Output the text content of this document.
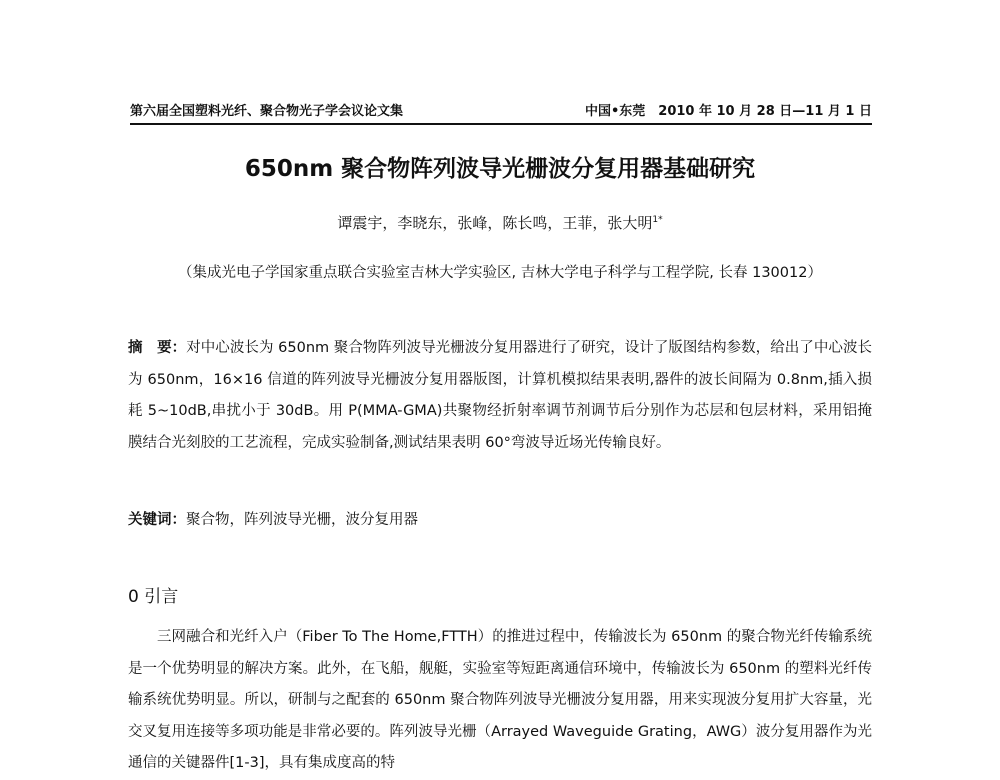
第六届全国塑料光纤、聚合物光子学会议论文集	中国•东莞　2010 年 10 月 28 日—11 月 1 日
650nm 聚合物阵列波导光栅波分复用器基础研究
谭震宇，李晓东，张峰，陈长鸣，王菲，张大明$^{1*}$
（集成光电子学国家重点联合实验室吉林大学实验区, 吉林大学电子科学与工程学院, 长春 130012）

摘　要：对中心波长为 650nm 聚合物阵列波导光栅波分复用器进行了研究，设计了版图结构参数，给出了中心波长为 650nm，16×16 信道的阵列波导光栅波分复用器版图，计算机模拟结果表明,器件的波长间隔为 0.8nm,插入损耗 5~10dB,串扰小于 30dB。用 P(MMA-GMA)共聚物经折射率调节剂调节后分别作为芯层和包层材料，采用铝掩膜结合光刻胶的工艺流程，完成实验制备,测试结果表明 60°弯波导近场光传输良好。

关键词：聚合物，阵列波导光栅，波分复用器
0 引言

三网融合和光纤入户（Fiber To The Home,FTTH）的推进过程中，传输波长为 650nm 的聚合物光纤传输系统是一个优势明显的解决方案。此外，在飞船，舰艇，实验室等短距离通信环境中，传输波长为 650nm 的塑料光纤传输系统优势明显。所以，研制与之配套的 650nm 聚合物阵列波导光栅波分复用器，用来实现波分复用扩大容量，光交叉复用连接等多项功能是非常必要的。阵列波导光栅（Arrayed Waveguide Grating，AWG）波分复用器作为光通信的关键器件[1-3]，具有集成度高的特
